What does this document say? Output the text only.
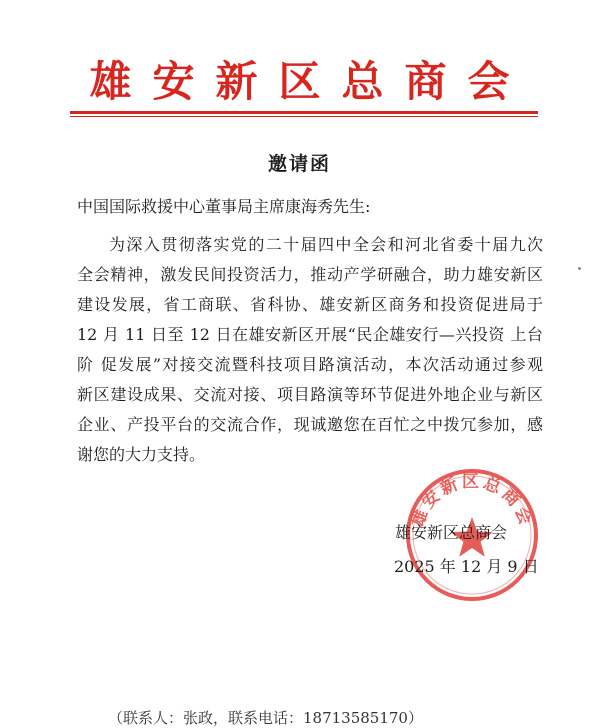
雄安新区总商会
邀请函
中国国际救援中心董事局主席康海秀先生:
为深入贯彻落实党的二十届四中全会和河北省委十届九次
全会精神，激发民间投资活力，推动产学研融合，助力雄安新区
建设发展，省工商联、省科协、雄安新区商务和投资促进局于
12 月 11 日至 12 日在雄安新区开展“民企雄安行—兴投资 上台
阶 促发展”对接交流暨科技项目路演活动，本次活动通过参观
新区建设成果、交流对接、项目路演等环节促进外地企业与新区
企业、产投平台的交流合作，现诚邀您在百忙之中拨冗参加，感
谢您的大力支持。
雄安新区总商会
雄安新区总商会
2025 年 12 月 9 日
（联系人：张政，联系电话：18713585170）
